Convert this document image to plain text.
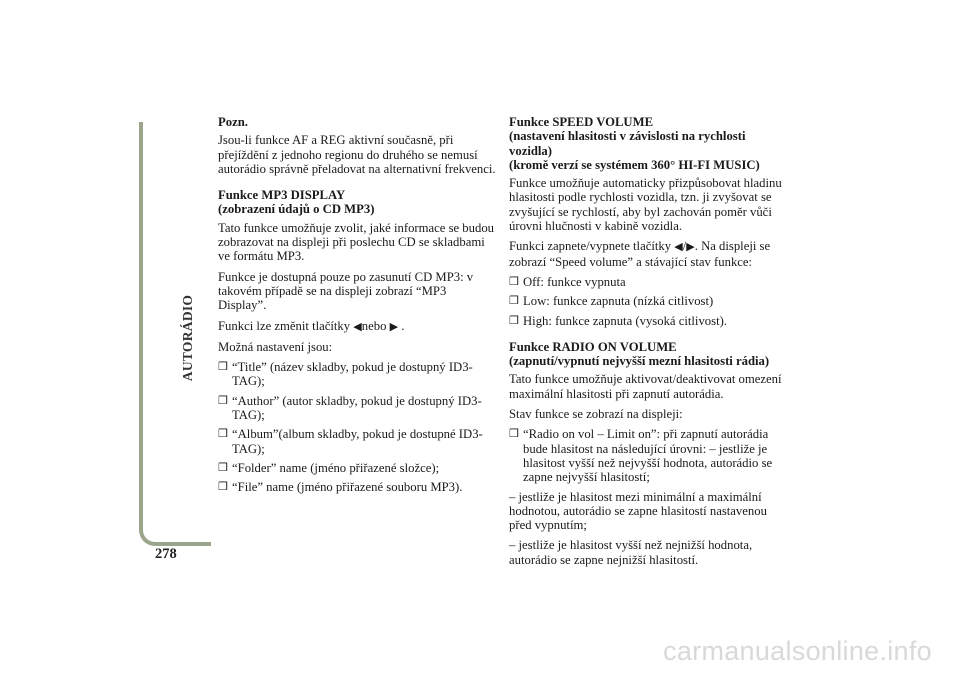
AUTORÁDIO
278
Pozn.

Jsou-li funkce AF a REG aktivní současně, při přejíždění z jednoho regionu do druhého se nemusí autorádio správně přeladovat na alternativní frekvenci.

Funkce MP3 DISPLAY
(zobrazení údajů o CD MP3)

Tato funkce umožňuje zvolit, jaké informace se budou zobrazovat na displeji při poslechu CD se skladbami ve formátu MP3.

Funkce je dostupná pouze po zasunutí CD MP3: v takovém případě se na displeji zobrazí “MP3 Display”.

Funkci lze změnit tlačítky ◀nebo ▶ .

Možná nastavení jsou:

❒ “Title” (název skladby, pokud je dostupný ID3-TAG);
❒ “Author” (autor skladby, pokud je dostupný ID3-TAG);
❒ “Album”(album skladby, pokud je dostupné ID3-TAG);
❒ “Folder” name (jméno přiřazené složce);
❒ “File” name (jméno přiřazené souboru MP3).
Funkce SPEED VOLUME
(nastavení hlasitosti v závislosti na rychlosti vozidla)
(kromě verzí se systémem 360° HI-FI MUSIC)

Funkce umožňuje automaticky přizpůsobovat hladinu hlasitosti podle rychlosti vozidla, tzn. ji zvyšovat se zvyšující se rychlostí, aby byl zachován poměr vůči úrovni hlučnosti v kabině vozidla.

Funkci zapnete/vypnete tlačítky ◀/▶. Na displeji se zobrazí “Speed volume” a stávající stav funkce:

❒ Off: funkce vypnuta
❒ Low: funkce zapnuta (nízká citlivost)
❒ High: funkce zapnuta (vysoká citlivost).
Funkce RADIO ON VOLUME
(zapnutí/vypnutí nejvyšší mezní hlasitosti rádia)

Tato funkce umožňuje aktivovat/deaktivovat omezení maximální hlasitosti při zapnutí autorádia.

Stav funkce se zobrazí na displeji:

❒ “Radio on vol – Limit on”: při zapnutí autorádia bude hlasitost na následující úrovni: – jestliže je hlasitost vyšší než nejvyšší hodnota, autorádio se zapne nejvyšší hlasitostí;

– jestliže je hlasitost mezi minimální a maximální hodnotou, autorádio se zapne hlasitostí nastavenou před vypnutím;

– jestliže je hlasitost vyšší než nejnižší hodnota, autorádio se zapne nejnižší hlasitostí.

carmanualsonline.info
